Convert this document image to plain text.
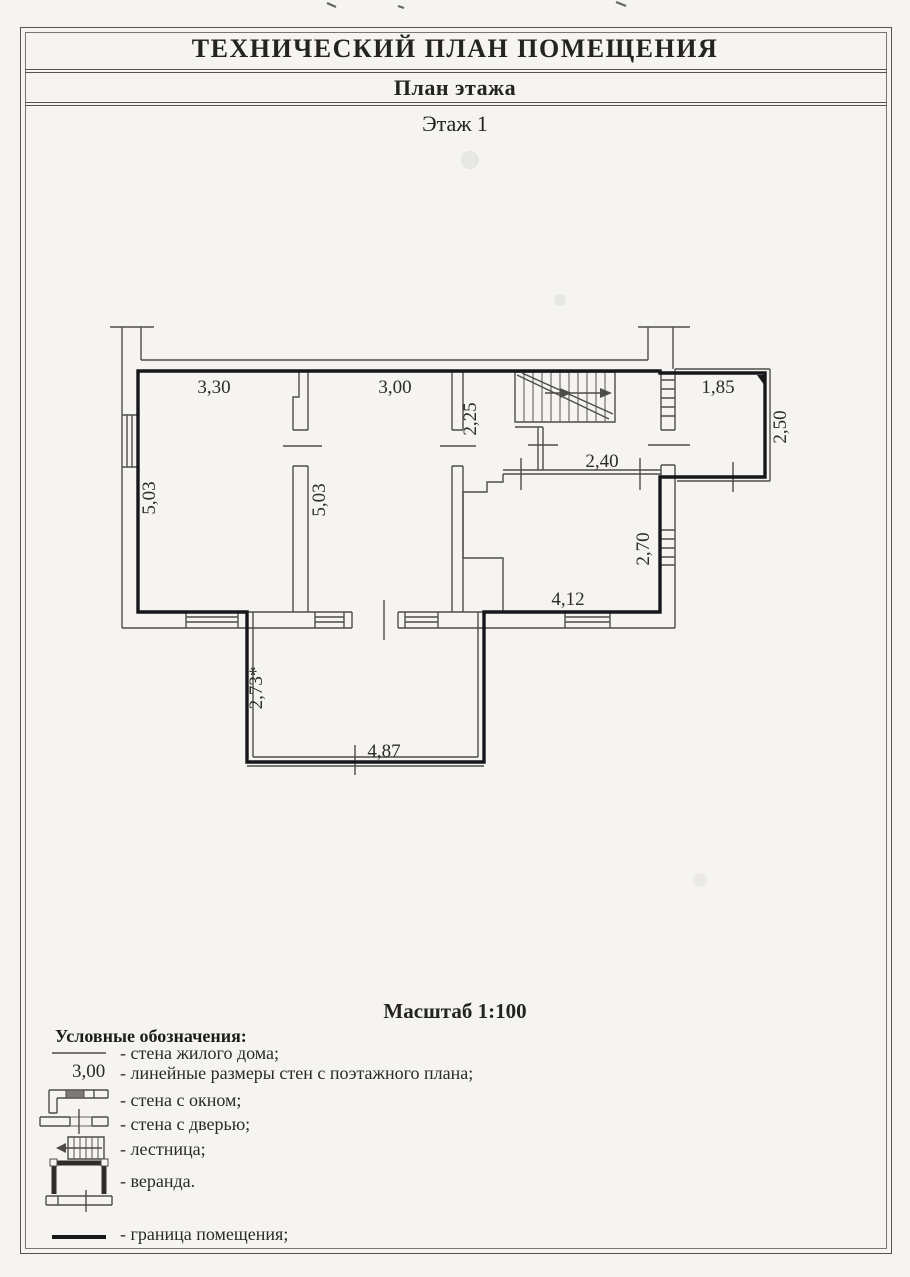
ТЕХНИЧЕСКИЙ ПЛАН ПОМЕЩЕНИЯ
План этажа
Этаж 1
Масштаб 1:100
3,30	3,00
2,25
1,85
2,50
5,03	5,03
2,40
2,70
4,12
2,73*
4,87
Условные обозначения:
3,00
- стена жилого дома;
- линейные размеры стен с поэтажного плана;
- стена с окном;
- стена с дверью;
- лестница;
- веранда.
- граница помещения;
